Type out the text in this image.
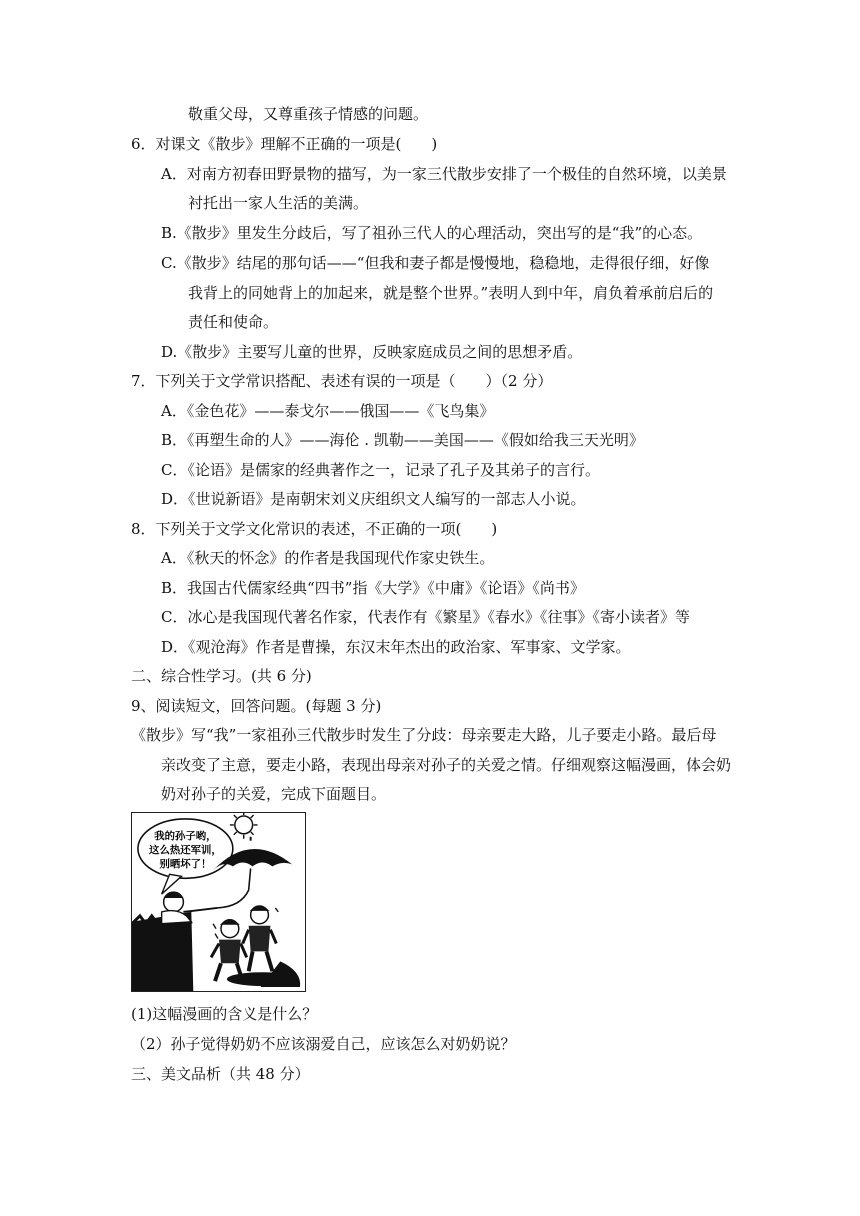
敬重父母，又尊重孩子情感的问题。
6．对课文《散步》理解不正确的一项是(　　)
A．对南方初春田野景物的描写，为一家三代散步安排了一个极佳的自然环境，以美景
衬托出一家人生活的美满。
B.《散步》里发生分歧后，写了祖孙三代人的心理活动，突出写的是“我”的心态。
C.《散步》结尾的那句话——“但我和妻子都是慢慢地，稳稳地，走得很仔细，好像
我背上的同她背上的加起来，就是整个世界。”表明人到中年，肩负着承前启后的
责任和使命。
D.《散步》主要写儿童的世界，反映家庭成员之间的思想矛盾。
7．下列关于文学常识搭配、表述有误的一项是（　　）（2 分）
A．《金色花》——泰戈尔——俄国——《飞鸟集》
B．《再塑生命的人》——海伦 . 凯勒——美国——《假如给我三天光明》
C．《论语》是儒家的经典著作之一，记录了孔子及其弟子的言行。
D．《世说新语》是南朝宋刘义庆组织文人编写的一部志人小说。
8．下列关于文学文化常识的表述，不正确的一项(　　)
A．《秋天的怀念》的作者是我国现代作家史铁生。
B．我国古代儒家经典“四书”指《大学》《中庸》《论语》《尚书》
C．冰心是我国现代著名作家，代表作有《繁星》《春水》《往事》《寄小读者》等
D．《观沧海》作者是曹操，东汉末年杰出的政治家、军事家、文学家。
二、综合性学习。(共 6 分)
9、阅读短文，回答问题。(每题 3 分)
《散步》写“我”一家祖孙三代散步时发生了分歧：母亲要走大路，儿子要走小路。最后母
亲改变了主意，要走小路，表现出母亲对孙子的关爱之情。仔细观察这幅漫画，体会奶
奶对孙子的关爱，完成下面题目。
我的孙子哟，
这么热还军训，
别晒坏了！
(1)这幅漫画的含义是什么？
（2）孙子觉得奶奶不应该溺爱自己，应该怎么对奶奶说？
三、美文品析（共 48 分）
